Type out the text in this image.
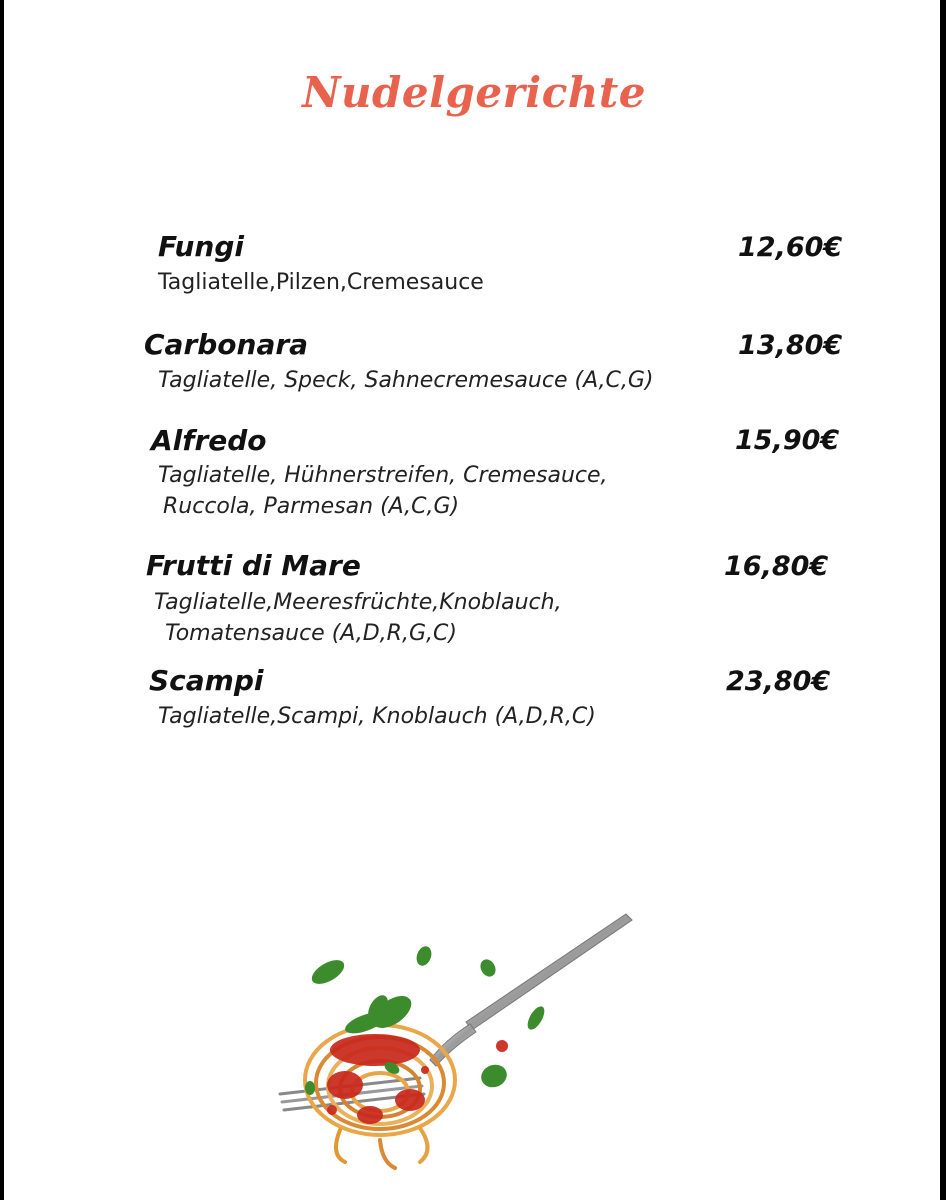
Nudelgerichte
Fungi	12,60€
Tagliatelle,Pilzen,Cremesauce
Carbonara	13,80€
Tagliatelle, Speck, Sahnecremesauce (A,C,G)
Alfredo	15,90€
Tagliatelle, Hühnerstreifen, Cremesauce,
Ruccola, Parmesan (A,C,G)
Frutti di Mare	16,80€
Tagliatelle,Meeresfrüchte,Knoblauch,
Tomatensauce (A,D,R,G,C)
Scampi	23,80€
Tagliatelle,Scampi, Knoblauch (A,D,R,C)
